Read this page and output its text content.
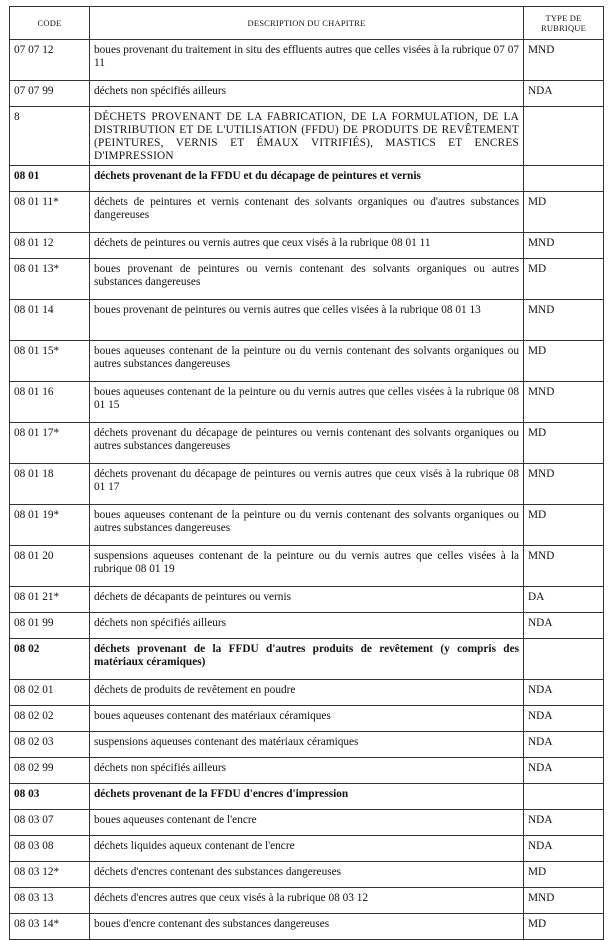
CODE	DESCRIPTION DU CHAPITRE	TYPE DE RUBRIQUE
07 07 12	boues provenant du traitement in situ des effluents autres que celles visées à la rubrique 07 07 11	MND
07 07 99	déchets non spécifiés ailleurs	NDA
8	DÉCHETS PROVENANT DE LA FABRICATION, DE LA FORMULATION, DE LA DISTRIBUTION ET DE L'UTILISATION (FFDU) DE PRODUITS DE REVÊTEMENT (PEINTURES, VERNIS ET ÉMAUX VITRIFIÉS), MASTICS ET ENCRES D'IMPRESSION	
08 01	déchets provenant de la FFDU et du décapage de peintures et vernis	
08 01 11*	déchets de peintures et vernis contenant des solvants organiques ou d'autres substances dangereuses	MD
08 01 12	déchets de peintures ou vernis autres que ceux visés à la rubrique 08 01 11	MND
08 01 13*	boues provenant de peintures ou vernis contenant des solvants organiques ou autres substances dangereuses	MD
08 01 14	boues provenant de peintures ou vernis autres que celles visées à la rubrique 08 01 13	MND
08 01 15*	boues aqueuses contenant de la peinture ou du vernis contenant des solvants organiques ou autres substances dangereuses	MD
08 01 16	boues aqueuses contenant de la peinture ou du vernis autres que celles visées à la rubrique 08 01 15	MND
08 01 17*	déchets provenant du décapage de peintures ou vernis contenant des solvants organiques ou autres substances dangereuses	MD
08 01 18	déchets provenant du décapage de peintures ou vernis autres que ceux visés à la rubrique 08 01 17	MND
08 01 19*	boues aqueuses contenant de la peinture ou du vernis contenant des solvants organiques ou autres substances dangereuses	MD
08 01 20	suspensions aqueuses contenant de la peinture ou du vernis autres que celles visées à la rubrique 08 01 19	MND
08 01 21*	déchets de décapants de peintures ou vernis	DA
08 01 99	déchets non spécifiés ailleurs	NDA
08 02	déchets provenant de la FFDU d'autres produits de revêtement (y compris des matériaux céramiques)	
08 02 01	déchets de produits de revêtement en poudre	NDA
08 02 02	boues aqueuses contenant des matériaux céramiques	NDA
08 02 03	suspensions aqueuses contenant des matériaux céramiques	NDA
08 02 99	déchets non spécifiés ailleurs	NDA
08 03	déchets provenant de la FFDU d'encres d'impression	
08 03 07	boues aqueuses contenant de l'encre	NDA
08 03 08	déchets liquides aqueux contenant de l'encre	NDA
08 03 12*	déchets d'encres contenant des substances dangereuses	MD
08 03 13	déchets d'encres autres que ceux visés à la rubrique 08 03 12	MND
08 03 14*	boues d'encre contenant des substances dangereuses	MD
